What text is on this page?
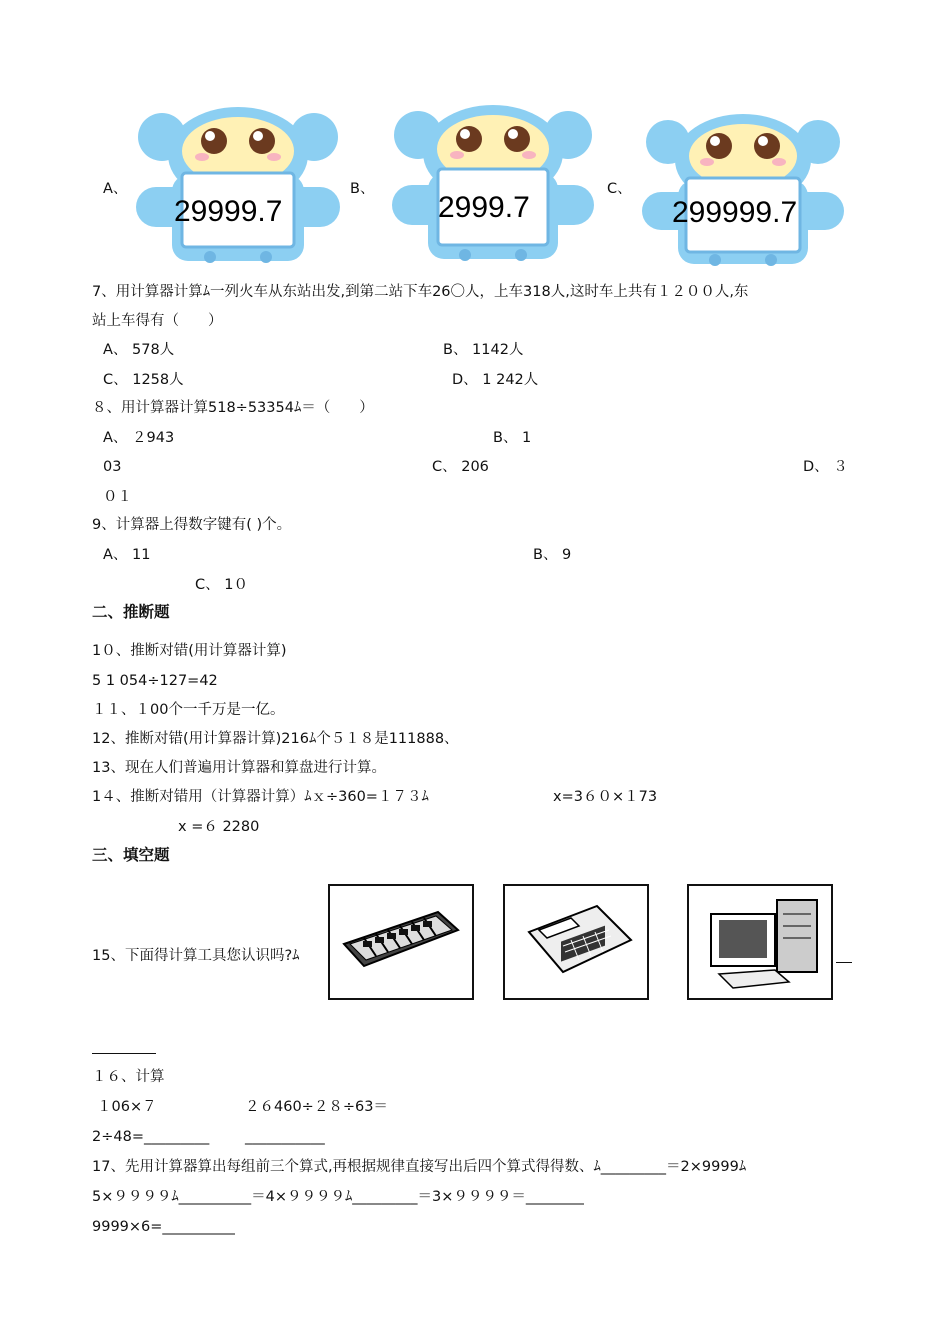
A、	B、	C、
29999.7	2999.7	299999.7
7、用计算器计算ﾑ一列火车从东站出发,到第二站下车26〇人，上车318人,这时车上共有１２００人,东
站上车得有（　　）
A、 578人	B、 1142人
C、 1258人	D、 1 242人
８、用计算器计算518÷53354ﾑ＝（　　）
A、 ２943	B、 1
03	C、 206	D、 ３
０１
9、计算器上得数字键有( )个。
A、 11	B、 9
C、 1０
二、推断题
1０、推断对错(用计算器计算)
5 1 054÷127=42
１１、１00个一千万是一亿。
12、推断对错(用计算器计算)216ﾑ个５１８是111888、
13、现在人们普遍用计算器和算盘进行计算。
1４、推断对错用（计算器计算）ﾑｘ÷360=１７３ﾑ	x=3６０×１73
x =６ 2280
三、填空题
15、下面得计算工具您认识吗?ﾑ
１６、计算
１06×７	２６460÷２８÷63＝
2÷48=_________ ___________
17、先用计算器算出每组前三个算式,再根据规律直接写出后四个算式得得数、ﾑ_________＝2×9999ﾑ
5×９９９９ﾑ__________＝4×９９９９ﾑ_________＝3×９９９９＝________
9999×6=__________
